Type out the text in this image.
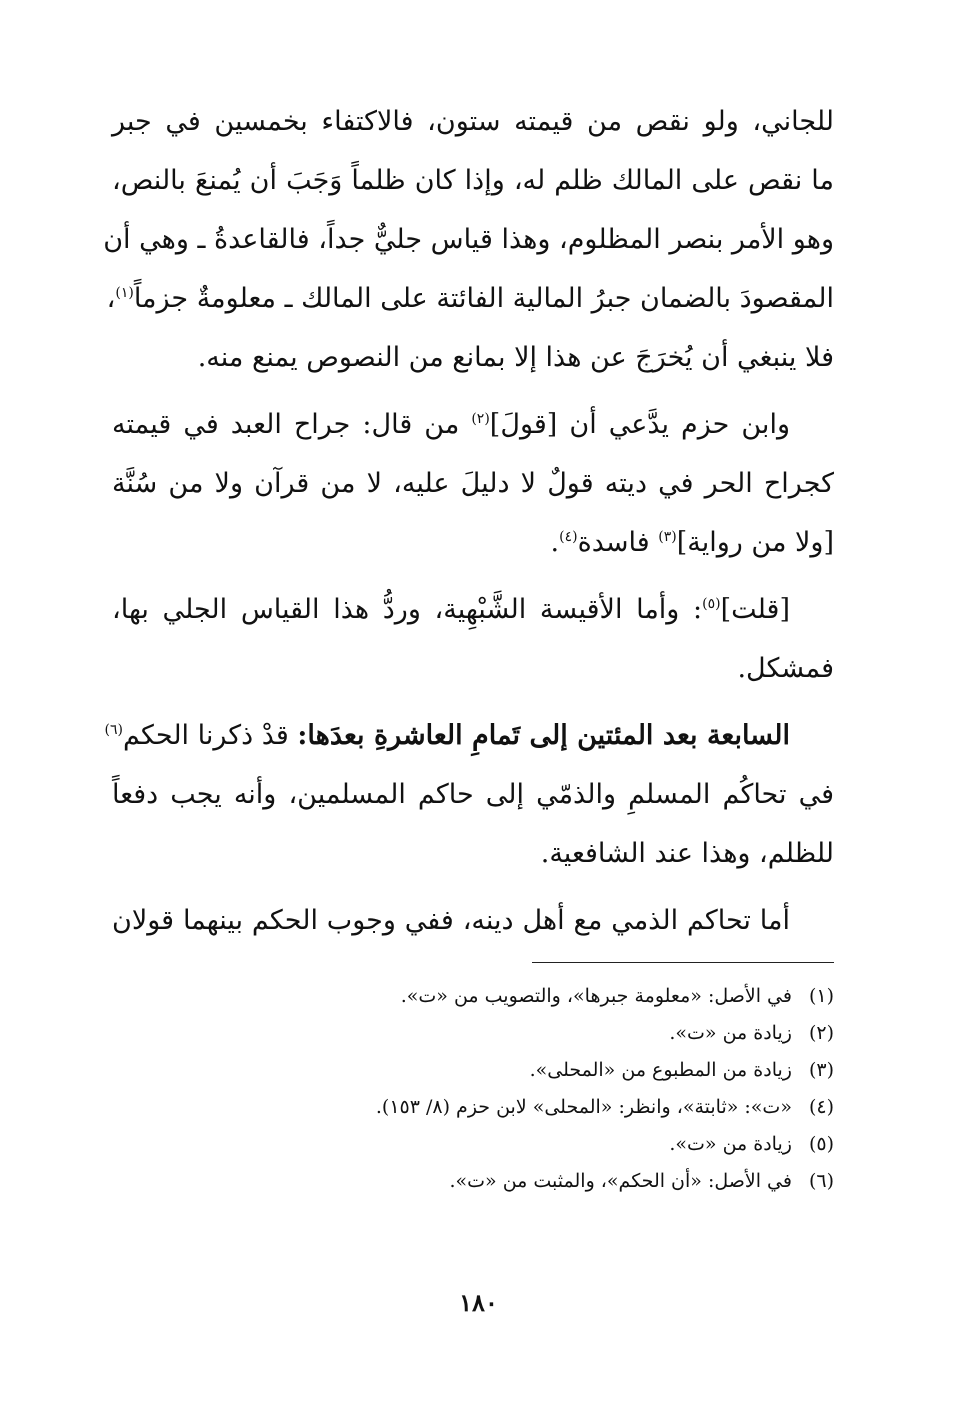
للجاني، ولو نقص من قيمته ستون، فالاكتفاء بخمسين في جبر
ما نقص على المالك ظلم له، وإذا كان ظلماً وَجَبَ أن يُمنعَ بالنص،
وهو الأمر بنصر المظلوم، وهذا قياس جليٌّ جداً، فالقاعدةُ ـ وهي أن
المقصودَ بالضمان جبرُ المالية الفائتة على المالك ـ معلومةٌ جزماً$^{(١)}$،
فلا ينبغي أن يُخرَجَ عن هذا إلا بمانع من النصوص يمنع منه.

وابن حزم يدَّعي أن [قولَ]$^{(٢)}$ من قال: جراح العبد في قيمته
كجراح الحر في ديته قولٌ لا دليلَ عليه، لا من قرآن ولا من سُنَّة
[ولا من رواية]$^{(٣)}$ فاسدة$^{(٤)}$.

[قلت]$^{(٥)}$: وأما الأقيسة الشَّبْهِية، وردُّ هذا القياس الجلي بها،
فمشكل.

السابعة بعد المئتين إلى تَمامِ العاشرةِ بعدَها: قدْ ذكرنا الحكم$^{(٦)}$
في تحاكُم المسلمِ والذمّي إلى حاكم المسلمين، وأنه يجب دفعاً
للظلم، وهذا عند الشافعية.

أما تحاكم الذمي مع أهل دينه، ففي وجوب الحكم بينهما قولان

(١) في الأصل: «معلومة جبرها»، والتصويب من «ت».
(٢) زيادة من «ت».
(٣) زيادة من المطبوع من «المحلى».
(٤) «ت»: «ثابتة»، وانظر: «المحلى» لابن حزم (٨/ ١٥٣).
(٥) زيادة من «ت».
(٦) في الأصل: «أن الحكم»، والمثبت من «ت».
١٨٠
